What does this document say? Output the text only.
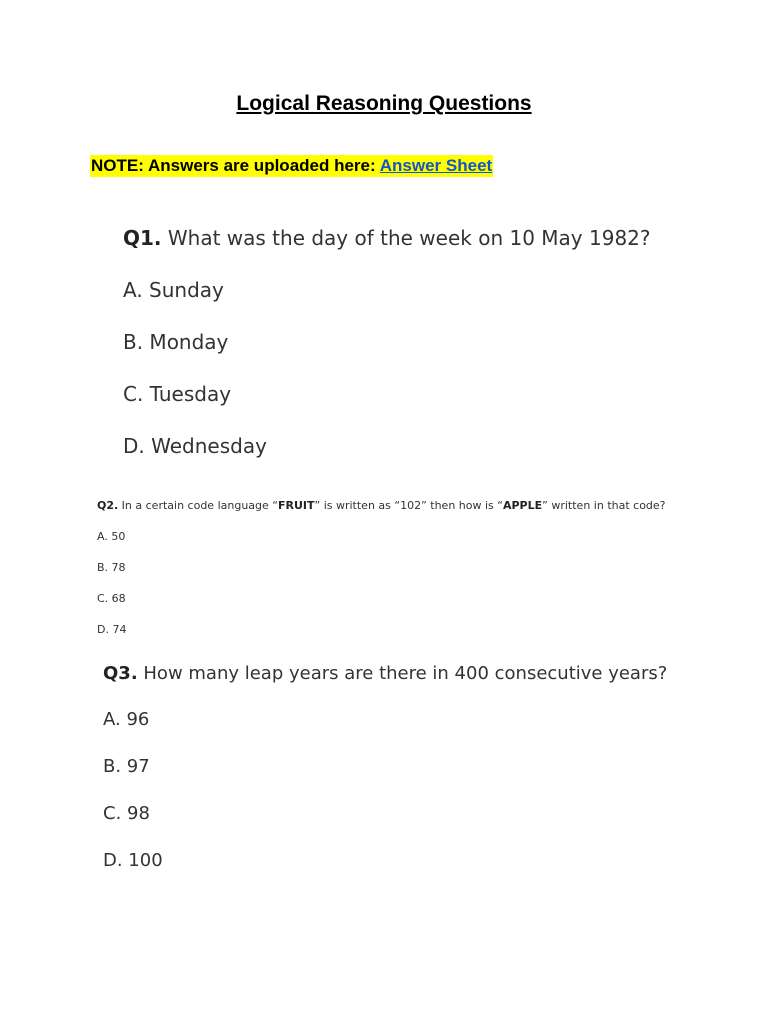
Logical Reasoning Questions
NOTE: Answers are uploaded here: Answer Sheet
Q1. What was the day of the week on 10 May 1982?
A. Sunday
B. Monday
C. Tuesday
D. Wednesday
Q2. In a certain code language “FRUIT” is written as “102” then how is “APPLE” written in that code?
A. 50
B. 78
C. 68
D. 74
Q3. How many leap years are there in 400 consecutive years?
A. 96
B. 97
C. 98
D. 100
